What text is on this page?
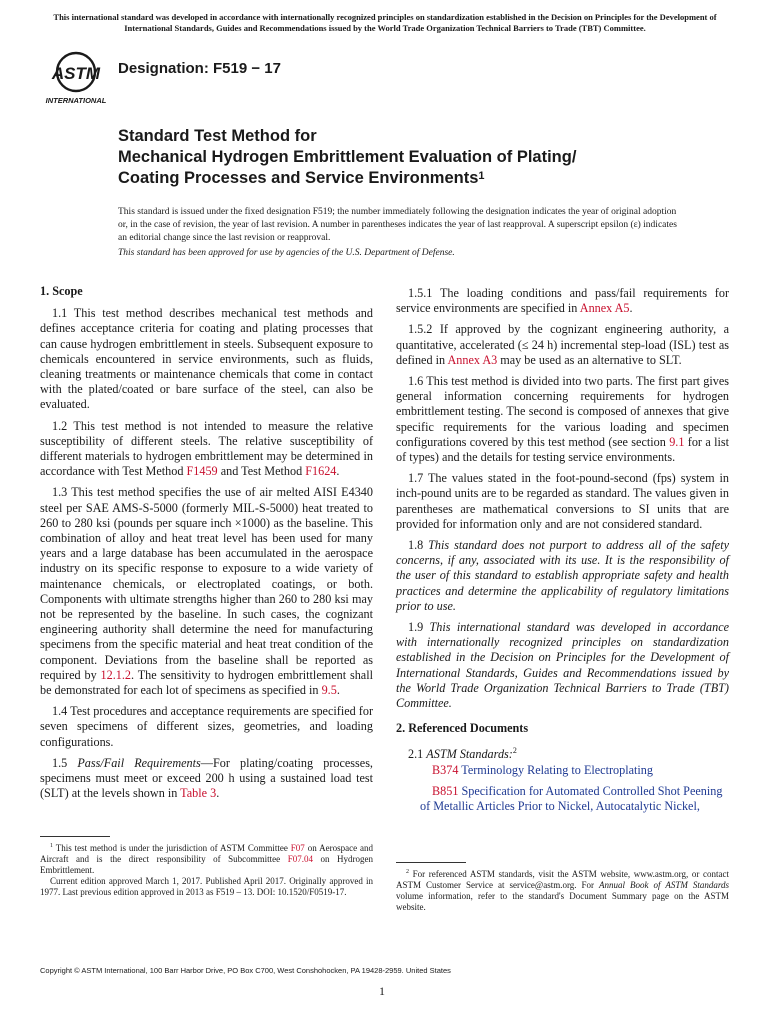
This international standard was developed in accordance with internationally recognized principles on standardization established in the Decision on Principles for the Development of International Standards, Guides and Recommendations issued by the World Trade Organization Technical Barriers to Trade (TBT) Committee.
ASTM
INTERNATIONAL
Designation: F519 − 17
Standard Test Method for
Mechanical Hydrogen Embrittlement Evaluation of Plating/
Coating Processes and Service Environments$^1$
This standard is issued under the fixed designation F519; the number immediately following the designation indicates the year of original adoption or, in the case of revision, the year of last revision. A number in parentheses indicates the year of last reapproval. A superscript epsilon (ε) indicates an editorial change since the last revision or reapproval.
This standard has been approved for use by agencies of the U.S. Department of Defense.

1. Scope

1.1 This test method describes mechanical test methods and defines acceptance criteria for coating and plating processes that can cause hydrogen embrittlement in steels. Subsequent exposure to chemicals encountered in service environments, such as fluids, cleaning treatments or maintenance chemicals that come in contact with the plated/coated or bare surface of the steel, can also be evaluated.

1.2 This test method is not intended to measure the relative susceptibility of different steels. The relative susceptibility of different materials to hydrogen embrittlement may be determined in accordance with Test Method F1459 and Test Method F1624.

1.3 This test method specifies the use of air melted AISI E4340 steel per SAE AMS-S-5000 (formerly MIL-S-5000) heat treated to 260 to 280 ksi (pounds per square inch ×1000) as the baseline. This combination of alloy and heat treat level has been used for many years and a large database has been accumulated in the aerospace industry on its specific response to exposure to a wide variety of maintenance chemicals, or electroplated coatings, or both. Components with ultimate strengths higher than 260 to 280 ksi may not be represented by the baseline. In such cases, the cognizant engineering authority shall determine the need for manufacturing specimens from the specific material and heat treat condition of the component. Deviations from the baseline shall be reported as required by 12.1.2. The sensitivity to hydrogen embrittlement shall be demonstrated for each lot of specimens as specified in 9.5.

1.4 Test procedures and acceptance requirements are specified for seven specimens of different sizes, geometries, and loading configurations.

1.5 Pass/Fail Requirements—For plating/coating processes, specimens must meet or exceed 200 h using a sustained load test (SLT) at the levels shown in Table 3.

1.5.1 The loading conditions and pass/fail requirements for service environments are specified in Annex A5.

1.5.2 If approved by the cognizant engineering authority, a quantitative, accelerated (≤ 24 h) incremental step-load (ISL) test as defined in Annex A3 may be used as an alternative to SLT.

1.6 This test method is divided into two parts. The first part gives general information concerning requirements for hydrogen embrittlement testing. The second is composed of annexes that give specific requirements for the various loading and specimen configurations covered by this test method (see section 9.1 for a list of types) and the details for testing service environments.

1.7 The values stated in the foot-pound-second (fps) system in inch-pound units are to be regarded as standard. The values given in parentheses are mathematical conversions to SI units that are provided for information only and are not considered standard.

1.8 This standard does not purport to address all of the safety concerns, if any, associated with its use. It is the responsibility of the user of this standard to establish appropriate safety and health practices and determine the applicability of regulatory limitations prior to use.

1.9 This international standard was developed in accordance with internationally recognized principles on standardization established in the Decision on Principles for the Development of International Standards, Guides and Recommendations issued by the World Trade Organization Technical Barriers to Trade (TBT) Committee.

2. Referenced Documents

2.1 ASTM Standards:$^2$

B374 Terminology Relating to Electroplating

B851 Specification for Automated Controlled Shot Peening of Metallic Articles Prior to Nickel, Autocatalytic Nickel,

$^1$ This test method is under the jurisdiction of ASTM Committee F07 on Aerospace and Aircraft and is the direct responsibility of Subcommittee F07.04 on Hydrogen Embrittlement.

Current edition approved March 1, 2017. Published April 2017. Originally approved in 1977. Last previous edition approved in 2013 as F519 – 13. DOI: 10.1520/F0519-17.

$^2$ For referenced ASTM standards, visit the ASTM website, www.astm.org, or contact ASTM Customer Service at service@astm.org. For Annual Book of ASTM Standards volume information, refer to the standard's Document Summary page on the ASTM website.

Copyright © ASTM International, 100 Barr Harbor Drive, PO Box C700, West Conshohocken, PA 19428-2959. United States
1
